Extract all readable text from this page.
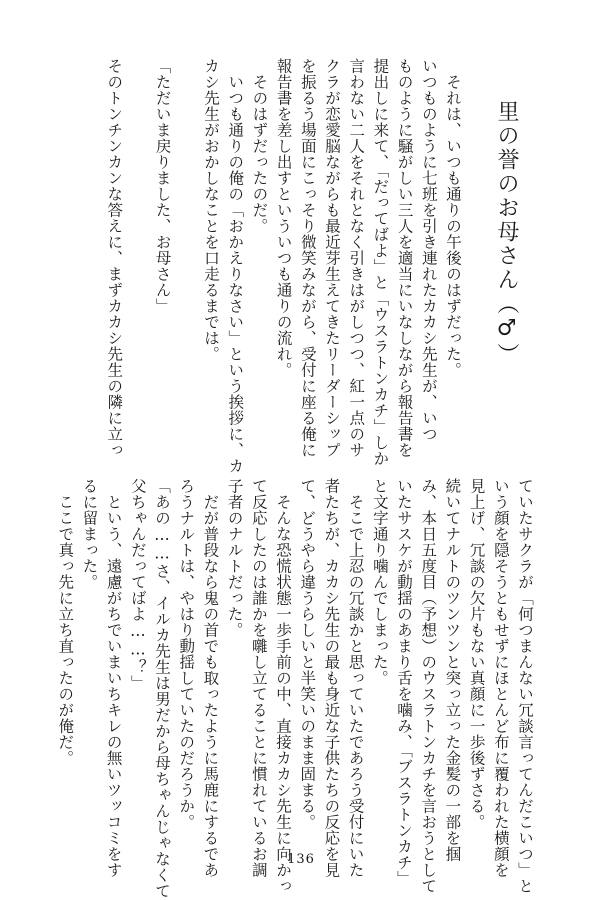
里の誉のお母さん（♂）
　それは、いつも通りの午後のはずだった。
いつものように七班を引き連れたカカシ先生が、いつ
ものように騒がしい三人を適当にいなしながら報告書を
提出しに来て、「だってばよ」と「ウスラトンカチ」しか
言わない二人をそれとなく引きはがしつつ、紅一点のサ
クラが恋愛脳ながらも最近芽生えてきたリーダーシップ
を振るう場面にこっそり微笑みながら、受付に座る俺に
報告書を差し出すといういつも通りの流れ。
　そのはずだったのだ。
　いつも通りの俺の「おかえりなさい」という挨拶に、カ
カシ先生がおかしなことを口走るまでは。
「ただいま戻りました、お母さん」
そのトンチンカンな答えに、まずカカシ先生の隣に立っ
ていたサクラが「何つまんない冗談言ってんだこいつ」と
いう顔を隠そうともせずにほとんど布に覆われた横顔を
見上げ、冗談の欠片もない真顔に一歩後ずさる。
続いてナルトのツンツンと突っ立った金髪の一部を掴
み、本日五度目（予想）のウスラトンカチを言おうとして
いたサスケが動揺のあまり舌を噛み、「ブスラトンカチ」
と文字通り噛んでしまった。
　そこで上忍の冗談かと思っていたであろう受付にいた
者たちが、カカシ先生の最も身近な子供たちの反応を見
て、どうやら違うらしいと半笑いのまま固まる。
　そんな恐慌状態一歩手前の中、直接カカシ先生に向かっ
て反応したのは誰かを囃し立てることに慣れているお調
子者のナルトだった。
　だが普段なら鬼の首でも取ったように馬鹿にするであ
ろうナルトは、やはり動揺していたのだろうか。
「あの……さ、イルカ先生は男だから母ちゃんじゃなくて
父ちゃんだってばよ……？」
　という、遠慮がちでいまいちキレの無いツッコミをす
るに留まった。
　ここで真っ先に立ち直ったのが俺だ。
136
